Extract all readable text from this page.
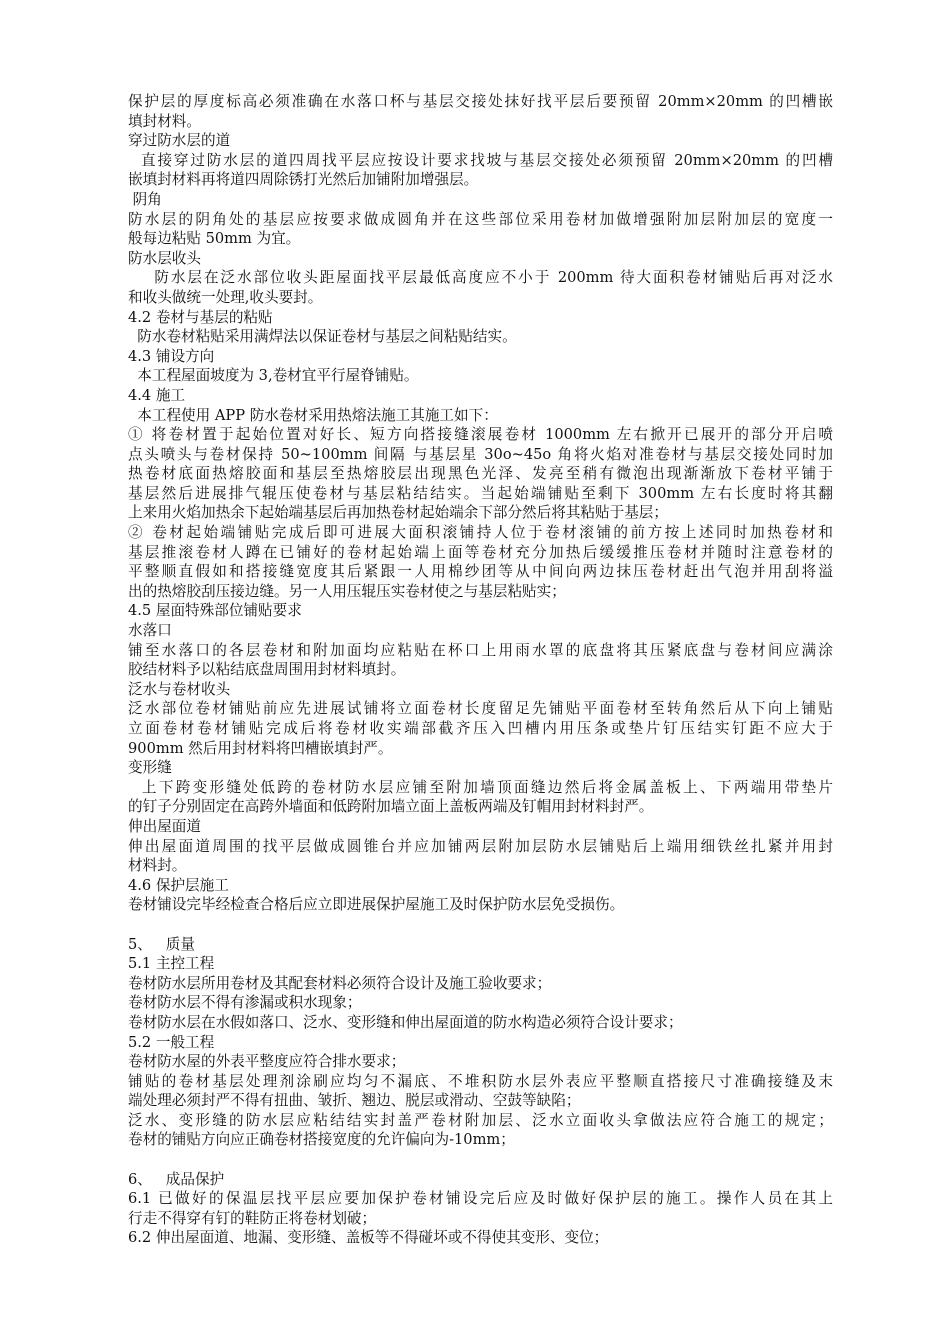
保护层的厚度标高必须准确在水落口杯与基层交接处抹好找平层后要预留 20mm×20mm 的凹槽嵌
填封材料。
穿过防水层的道
直接穿过防水层的道四周找平层应按设计要求找坡与基层交接处必须预留 20mm×20mm 的凹槽
嵌填封材料再将道四周除锈打光然后加铺附加增强层。
阴角
防水层的阴角处的基层应按要求做成圆角并在这些部位采用卷材加做增强附加层附加层的宽度一
般每边粘贴 50mm 为宜。
防水层收头
防水层在泛水部位收头距屋面找平层最低高度应不小于 200mm 待大面积卷材铺贴后再对泛水
和收头做统一处理,收头要封。
4.2 卷材与基层的粘贴
防水卷材粘贴采用满焊法以保证卷材与基层之间粘贴结实。
4.3 铺设方向
本工程屋面坡度为 3,卷材宜平行屋脊铺贴。
4.4 施工
本工程使用 APP 防水卷材采用热熔法施工其施工如下：
① 将卷材置于起始位置对好长、短方向搭接缝滚展卷材 1000mm 左右掀开已展开的部分开启喷
点头喷头与卷材保持 50~100mm 间隔 与基层星 30o~45o 角将火焰对准卷材与基层交接处同时加
热卷材底面热熔胶面和基层至热熔胶层出现黑色光泽、发亮至稍有微泡出现渐渐放下卷材平铺于
基层然后进展排气辊压使卷材与基层粘结结实。当起始端铺贴至剩下 300mm 左右长度时将其翻
上来用火焰加热余下起始端基层后再加热卷材起始端余下部分然后将其粘贴于基层；
② 卷材起始端铺贴完成后即可进展大面积滚铺持人位于卷材滚铺的前方按上述同时加热卷材和
基层推滚卷材人蹲在已铺好的卷材起始端上面等卷材充分加热后缓缓推压卷材并随时注意卷材的
平整顺直假如和搭接缝宽度其后紧跟一人用棉纱团等从中间向两边抹压卷材赶出气泡并用刮将溢
出的热熔胶刮压接边缝。另一人用压辊压实卷材使之与基层粘贴实；
4.5 屋面特殊部位铺贴要求
水落口
铺至水落口的各层卷材和附加面均应粘贴在杯口上用雨水罩的底盘将其压紧底盘与卷材间应满涂
胶结材料予以粘结底盘周围用封材料填封。
泛水与卷材收头
泛水部位卷材铺贴前应先进展试铺将立面卷材长度留足先铺贴平面卷材至转角然后从下向上铺贴
立面卷材卷材铺贴完成后将卷材收实端部截齐压入凹槽内用压条或垫片钉压结实钉距不应大于
900mm 然后用封材料将凹槽嵌填封严。
变形缝
上下跨变形缝处低跨的卷材防水层应铺至附加墙顶面缝边然后将金属盖板上、下两端用带垫片
的钉子分别固定在高跨外墙面和低跨附加墙立面上盖板两端及钉帽用封材料封严。
伸出屋面道
伸出屋面道周围的找平层做成圆锥台并应加铺两层附加层防水层铺贴后上端用细铁丝扎紧并用封
材料封。
4.6 保护层施工
卷材铺设完毕经检查合格后应立即进展保护屋施工及时保护防水层免受损伤。
5、   质量
5.1 主控工程
卷材防水层所用卷材及其配套材料必须符合设计及施工验收要求；
卷材防水层不得有渗漏或积水现象；
卷材防水层在水假如落口、泛水、变形缝和伸出屋面道的防水构造必须符合设计要求；
5.2 一般工程
卷材防水屋的外表平整度应符合排水要求；
铺贴的卷材基层处理剂涂刷应均匀不漏底、不堆积防水层外表应平整顺直搭接尺寸准确接缝及末
端处理必须封严不得有扭曲、皱折、翘边、脱层或滑动、空鼓等缺陷；
泛水、变形缝的防水层应粘结结实封盖严卷材附加层、泛水立面收头拿做法应符合施工的规定；
卷材的铺贴方向应正确卷材搭接宽度的允许偏向为-10mm；
6、   成品保护
6.1 已做好的保温层找平层应要加保护卷材铺设完后应及时做好保护层的施工。操作人员在其上
行走不得穿有钉的鞋防正将卷材划破；
6.2 伸出屋面道、地漏、变形缝、盖板等不得碰坏或不得使其变形、变位；
